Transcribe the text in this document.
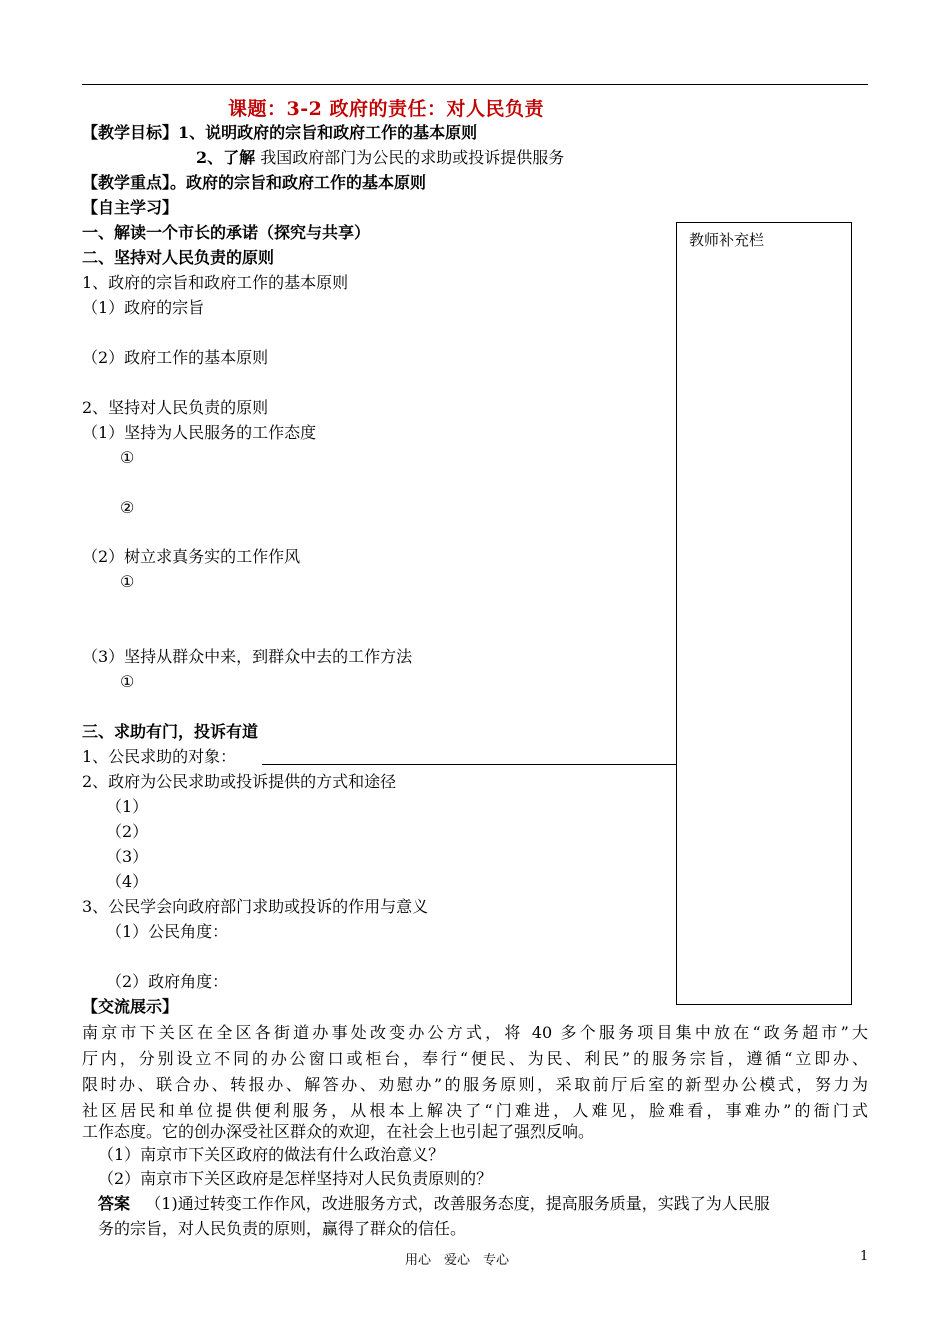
课题：3-2 政府的责任：对人民负责
【教学目标】1、说明政府的宗旨和政府工作的基本原则
2、了解 我国政府部门为公民的求助或投诉提供服务
【教学重点】。政府的宗旨和政府工作的基本原则
【自主学习】
教师补充栏
一、解读一个市长的承诺（探究与共享）
二、坚持对人民负责的原则
1、政府的宗旨和政府工作的基本原则
（1）政府的宗旨
（2）政府工作的基本原则
2、坚持对人民负责的原则
（1）坚持为人民服务的工作态度
①
②
（2）树立求真务实的工作作风
①
（3）坚持从群众中来，到群众中去的工作方法
①
三、求助有门，投诉有道
1、公民求助的对象：
2、政府为公民求助或投诉提供的方式和途径
（1）
（2）
（3）
（4）
3、公民学会向政府部门求助或投诉的作用与意义
（1）公民角度：
（2）政府角度：
【交流展示】
南京市下关区在全区各街道办事处改变办公方式，将 40 多个服务项目集中放在“政务超市”大
厅内，分别设立不同的办公窗口或柜台，奉行“便民、为民、利民”的服务宗旨，遵循“立即办、
限时办、联合办、转报办、解答办、劝慰办”的服务原则，采取前厅后室的新型办公模式，努力为
社区居民和单位提供便利服务，从根本上解决了“门难进，人难见，脸难看，事难办”的衙门式
工作态度。它的创办深受社区群众的欢迎，在社会上也引起了强烈反响。
（1）南京市下关区政府的做法有什么政治意义？
（2）南京市下关区政府是怎样坚持对人民负责原则的？
答案 （1)通过转变工作作风，改进服务方式，改善服务态度，提高服务质量，实践了为人民服
务的宗旨，对人民负责的原则，赢得了群众的信任。
用心　爱心　专心	1
